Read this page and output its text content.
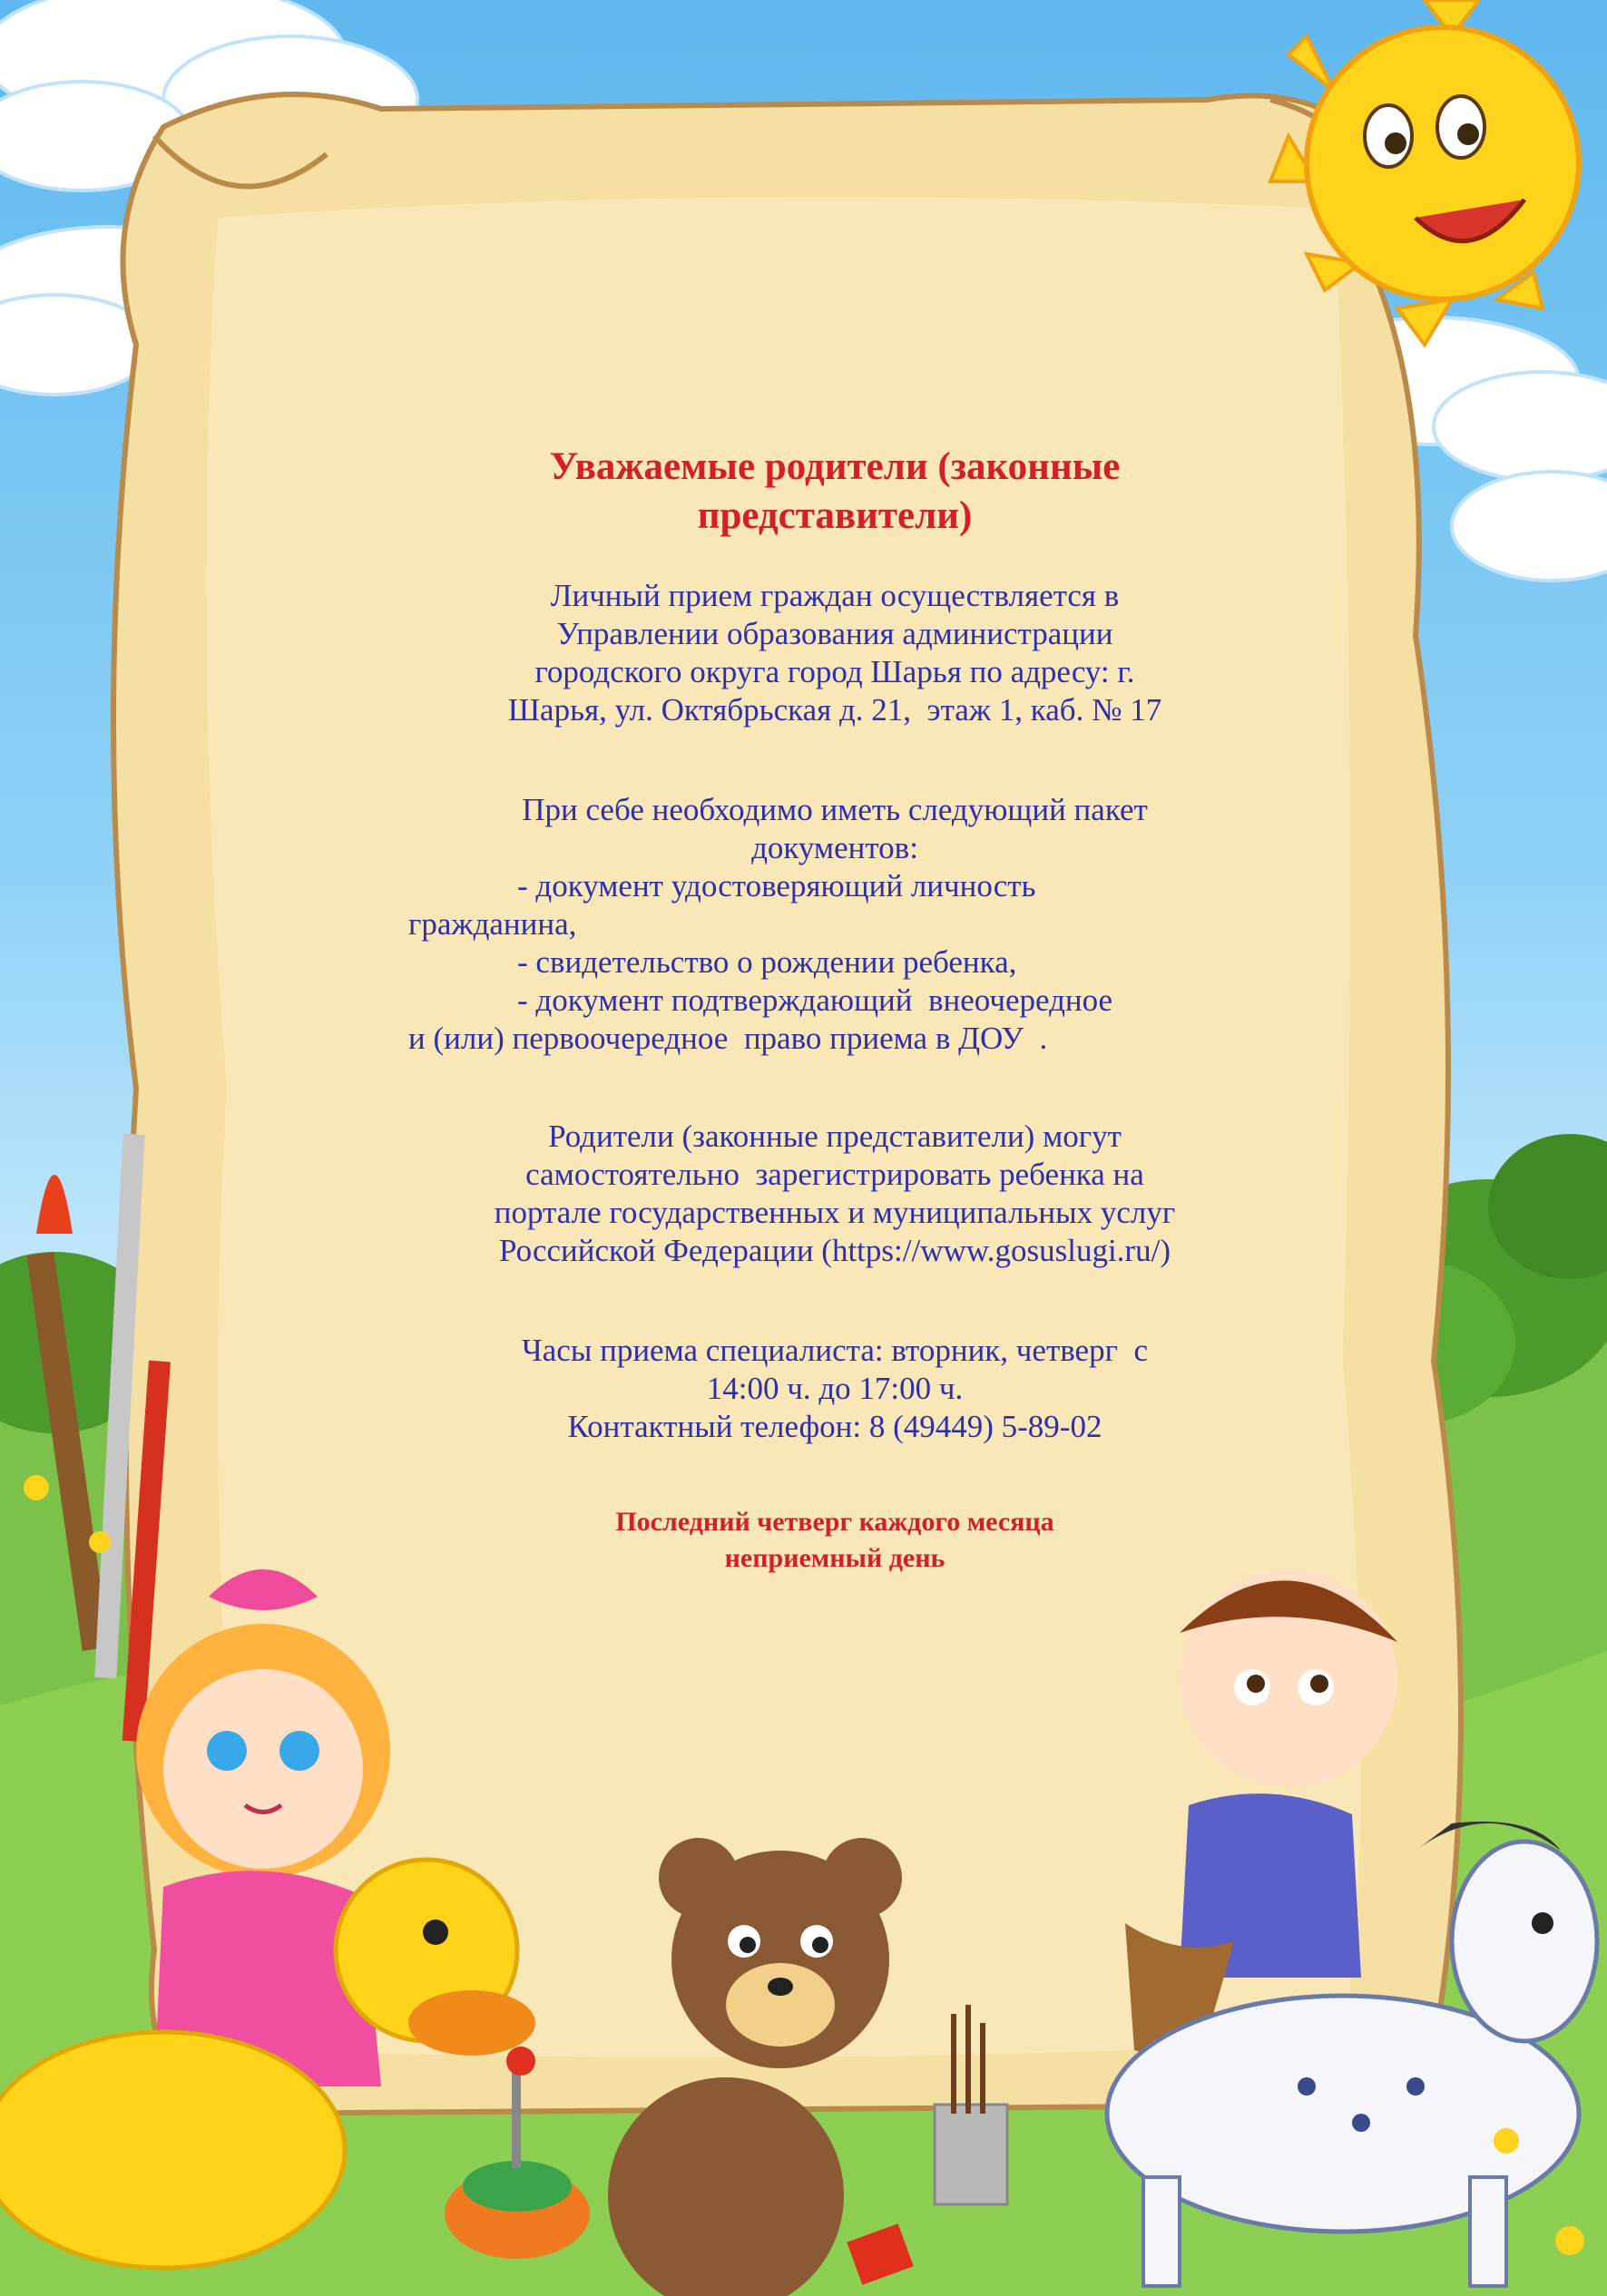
Уважаемые родители (законные
представители)

Личный прием граждан осуществляется в
Управлении образования администрации
городского округа город Шарья по адресу: г.
Шарья, ул. Октябрьская д. 21,  этаж 1, каб. № 17

При себе необходимо иметь следующий пакет
документов:

- документ удостоверяющий личность
гражданина,
- свидетельство о рождении ребенка,
- документ подтверждающий  внеочередное
и (или) первоочередное  право приема в ДОУ  .

Родители (законные представители) могут
самостоятельно  зарегистрировать ребенка на
портале государственных и муниципальных услуг
Российской Федерации (https://www.gosuslugi.ru/)

Часы приема специалиста: вторник, четверг  с
14:00 ч. до 17:00 ч.
Контактный телефон: 8 (49449) 5-89-02

Последний четверг каждого месяца
неприемный день
